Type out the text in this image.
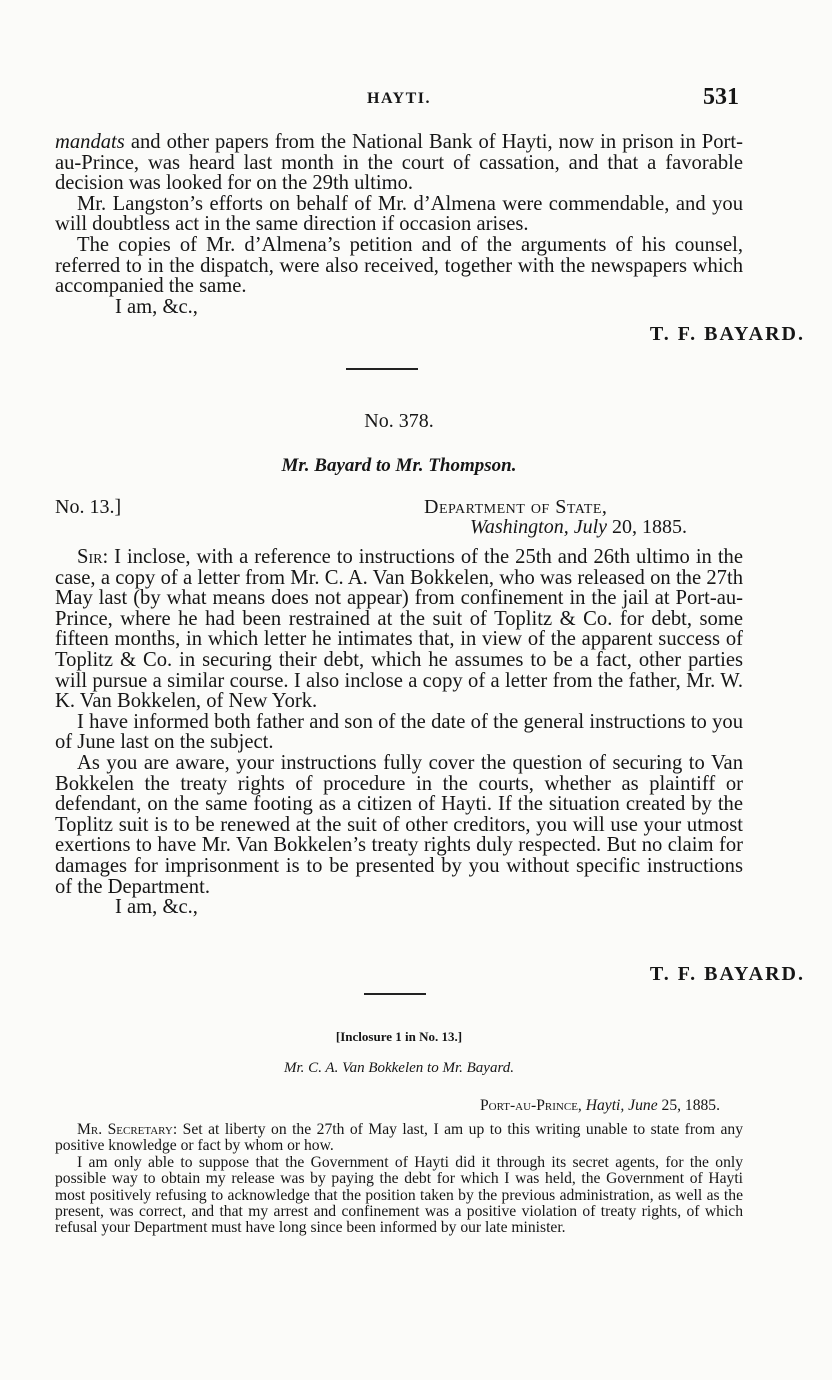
HAYTI.	531

mandats and other papers from the National Bank of Hayti, now in prison in Port-au-Prince, was heard last month in the court of cassation, and that a favorable decision was looked for on the 29th ultimo.

Mr. Langston’s efforts on behalf of Mr. d’Almena were commendable, and you will doubtless act in the same direction if occasion arises.

The copies of Mr. d’Almena’s petition and of the arguments of his counsel, referred to in the dispatch, were also received, together with the newspapers which accompanied the same.

I am, &c.,

T. F. BAYARD.
No. 378.
Mr. Bayard to Mr. Thompson.
No. 13.]	Department of State,
Washington, July 20, 1885.

Sir: I inclose, with a reference to instructions of the 25th and 26th ultimo in the case, a copy of a letter from Mr. C. A. Van Bokkelen, who was released on the 27th May last (by what means does not appear) from confinement in the jail at Port-au-Prince, where he had been restrained at the suit of Toplitz & Co. for debt, some fifteen months, in which letter he intimates that, in view of the apparent success of Toplitz & Co. in securing their debt, which he assumes to be a fact, other parties will pursue a similar course. I also inclose a copy of a letter from the father, Mr. W. K. Van Bokkelen, of New York.

I have informed both father and son of the date of the general instructions to you of June last on the subject.

As you are aware, your instructions fully cover the question of securing to Van Bokkelen the treaty rights of procedure in the courts, whether as plaintiff or defendant, on the same footing as a citizen of Hayti. If the situation created by the Toplitz suit is to be renewed at the suit of other creditors, you will use your utmost exertions to have Mr. Van Bokkelen’s treaty rights duly respected. But no claim for damages for imprisonment is to be presented by you without specific instructions of the Department.

I am, &c.,

T. F. BAYARD.
[Inclosure 1 in No. 13.]
Mr. C. A. Van Bokkelen to Mr. Bayard.
Port-au-Prince, Hayti, June 25, 1885.

Mr. Secretary: Set at liberty on the 27th of May last, I am up to this writing unable to state from any positive knowledge or fact by whom or how.

I am only able to suppose that the Government of Hayti did it through its secret agents, for the only possible way to obtain my release was by paying the debt for which I was held, the Government of Hayti most positively refusing to acknowledge that the position taken by the previous administration, as well as the present, was correct, and that my arrest and confinement was a positive violation of treaty rights, of which refusal your Department must have long since been informed by our late minister.
